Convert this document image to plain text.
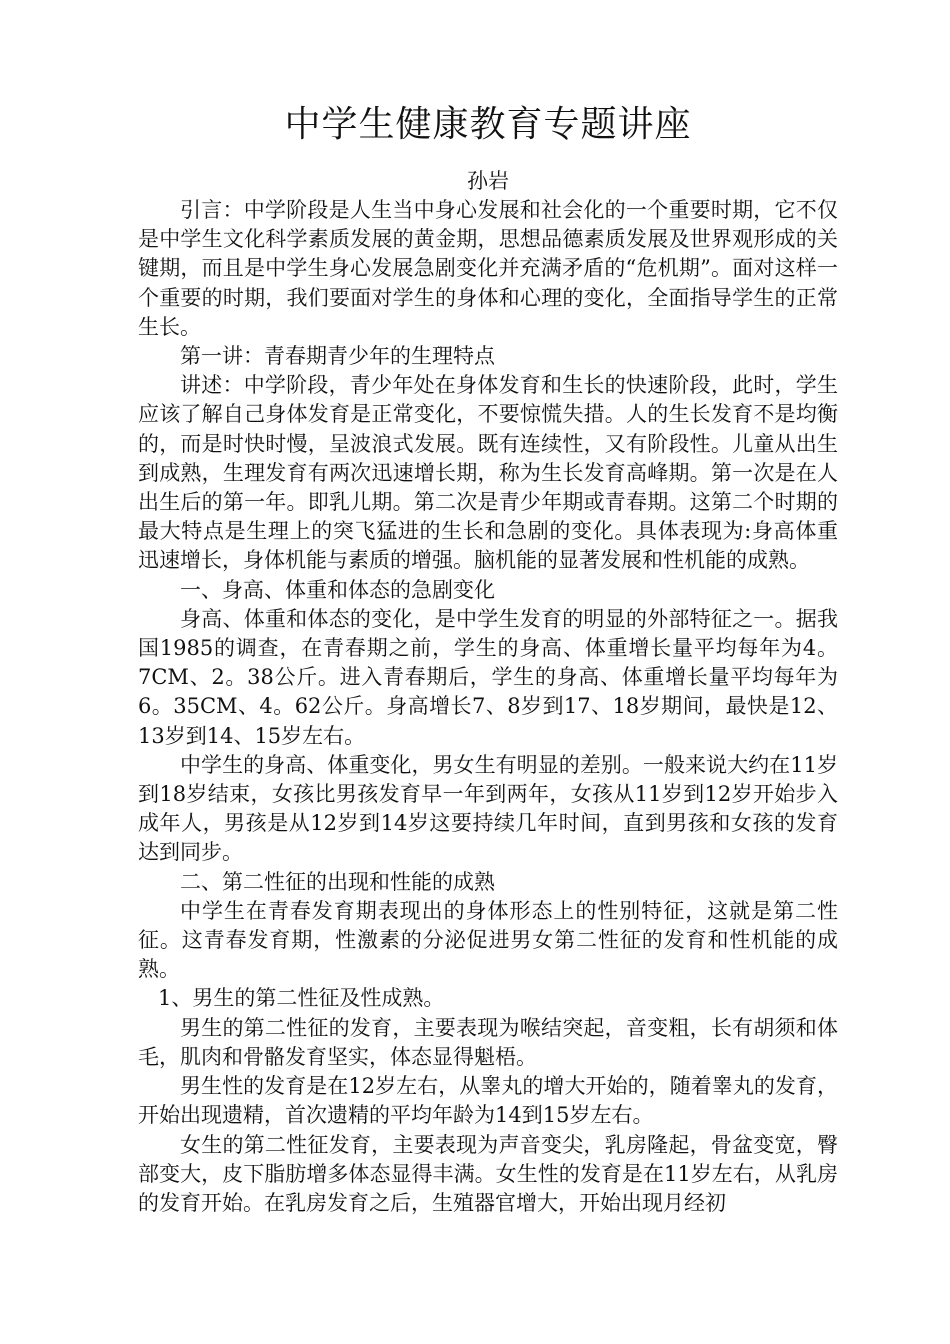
中学生健康教育专题讲座
孙岩

引言：中学阶段是人生当中身心发展和社会化的一个重要时期，它不仅是中学生文化科学素质发展的黄金期，思想品德素质发展及世界观形成的关键期，而且是中学生身心发展急剧变化并充满矛盾的“危机期”。面对这样一个重要的时期，我们要面对学生的身体和心理的变化，全面指导学生的正常生长。

第一讲：青春期青少年的生理特点

讲述：中学阶段，青少年处在身体发育和生长的快速阶段，此时，学生应该了解自己身体发育是正常变化，不要惊慌失措。人的生长发育不是均衡的，而是时快时慢，呈波浪式发展。既有连续性，又有阶段性。儿童从出生到成熟，生理发育有两次迅速增长期，称为生长发育高峰期。第一次是在人出生后的第一年。即乳儿期。第二次是青少年期或青春期。这第二个时期的最大特点是生理上的突飞猛进的生长和急剧的变化。具体表现为:身高体重迅速增长，身体机能与素质的增强。脑机能的显著发展和性机能的成熟。

一、身高、体重和体态的急剧变化

身高、体重和体态的变化，是中学生发育的明显的外部特征之一。据我国1985的调查，在青春期之前，学生的身高、体重增长量平均每年为4。7CM、2。38公斤。进入青春期后，学生的身高、体重增长量平均每年为6。35CM、4。62公斤。身高增长7、8岁到17、18岁期间，最快是12、13岁到14、15岁左右。

中学生的身高、体重变化，男女生有明显的差别。一般来说大约在11岁到18岁结束，女孩比男孩发育早一年到两年，女孩从11岁到12岁开始步入成年人，男孩是从12岁到14岁这要持续几年时间，直到男孩和女孩的发育达到同步。

二、第二性征的出现和性能的成熟

中学生在青春发育期表现出的身体形态上的性别特征，这就是第二性征。这青春发育期，性激素的分泌促进男女第二性征的发育和性机能的成熟。

1、男生的第二性征及性成熟。

男生的第二性征的发育，主要表现为喉结突起，音变粗，长有胡须和体毛，肌肉和骨骼发育坚实，体态显得魁梧。

男生性的发育是在12岁左右，从睾丸的增大开始的，随着睾丸的发育，开始出现遗精，首次遗精的平均年龄为14到15岁左右。

女生的第二性征发育，主要表现为声音变尖，乳房隆起，骨盆变宽，臀部变大，皮下脂肪增多体态显得丰满。女生性的发育是在11岁左右，从乳房的发育开始。在乳房发育之后，生殖器官增大，开始出现月经初
